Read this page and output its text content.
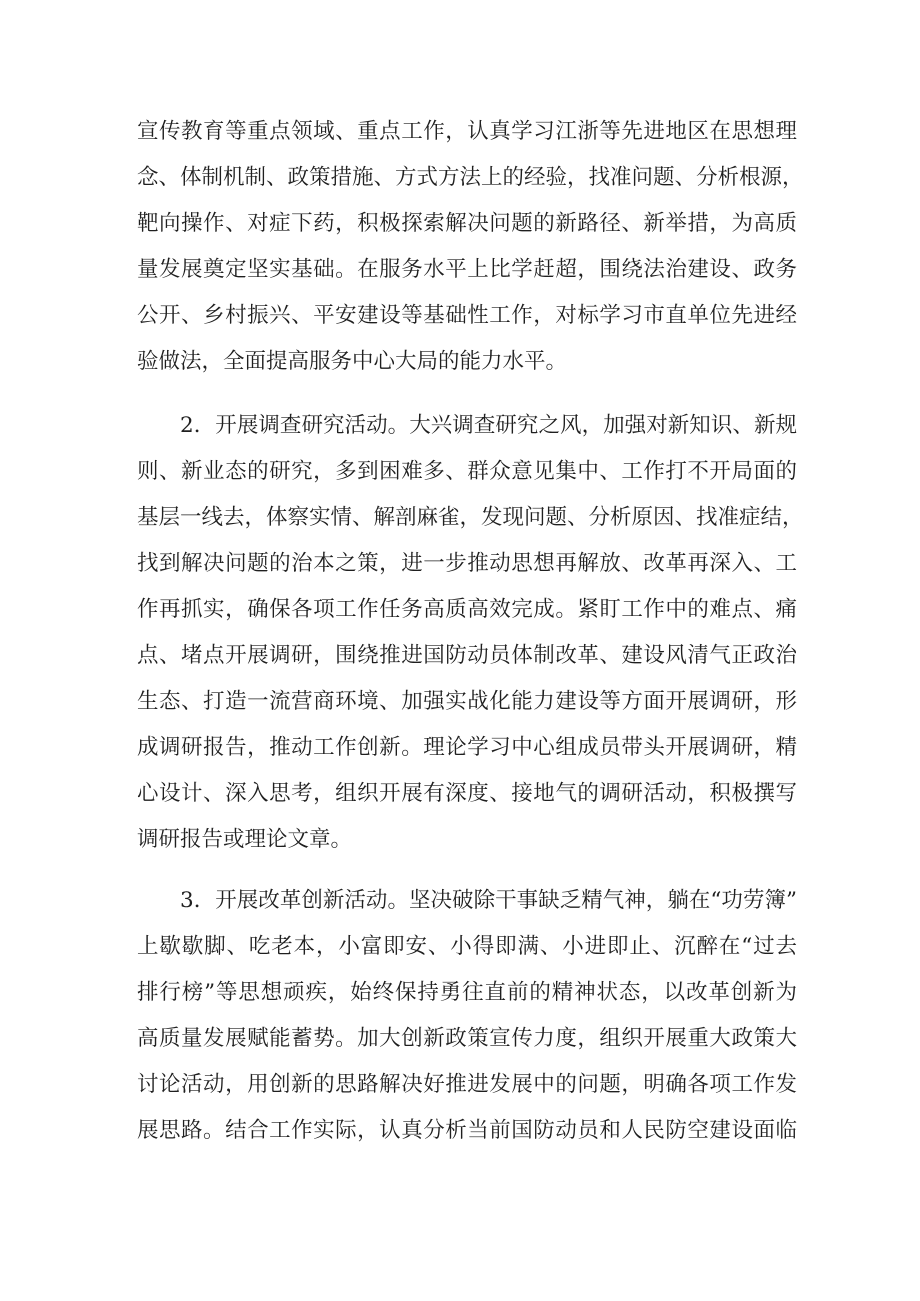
宣传教育等重点领域、重点工作，认真学习江浙等先进地区在思想理
念、体制机制、政策措施、方式方法上的经验，找准问题、分析根源，
靶向操作、对症下药，积极探索解决问题的新路径、新举措，为高质
量发展奠定坚实基础。在服务水平上比学赶超，围绕法治建设、政务
公开、乡村振兴、平安建设等基础性工作，对标学习市直单位先进经
验做法，全面提高服务中心大局的能力水平。
2．开展调查研究活动。大兴调查研究之风，加强对新知识、新规
则、新业态的研究，多到困难多、群众意见集中、工作打不开局面的
基层一线去，体察实情、解剖麻雀，发现问题、分析原因、找准症结，
找到解决问题的治本之策，进一步推动思想再解放、改革再深入、工
作再抓实，确保各项工作任务高质高效完成。紧盯工作中的难点、痛
点、堵点开展调研，围绕推进国防动员体制改革、建设风清气正政治
生态、打造一流营商环境、加强实战化能力建设等方面开展调研，形
成调研报告，推动工作创新。理论学习中心组成员带头开展调研，精
心设计、深入思考，组织开展有深度、接地气的调研活动，积极撰写
调研报告或理论文章。
3．开展改革创新活动。坚决破除干事缺乏精气神，躺在“功劳簿”
上歇歇脚、吃老本，小富即安、小得即满、小进即止、沉醉在“过去
排行榜”等思想顽疾，始终保持勇往直前的精神状态，以改革创新为
高质量发展赋能蓄势。加大创新政策宣传力度，组织开展重大政策大
讨论活动，用创新的思路解决好推进发展中的问题，明确各项工作发
展思路。结合工作实际，认真分析当前国防动员和人民防空建设面临
